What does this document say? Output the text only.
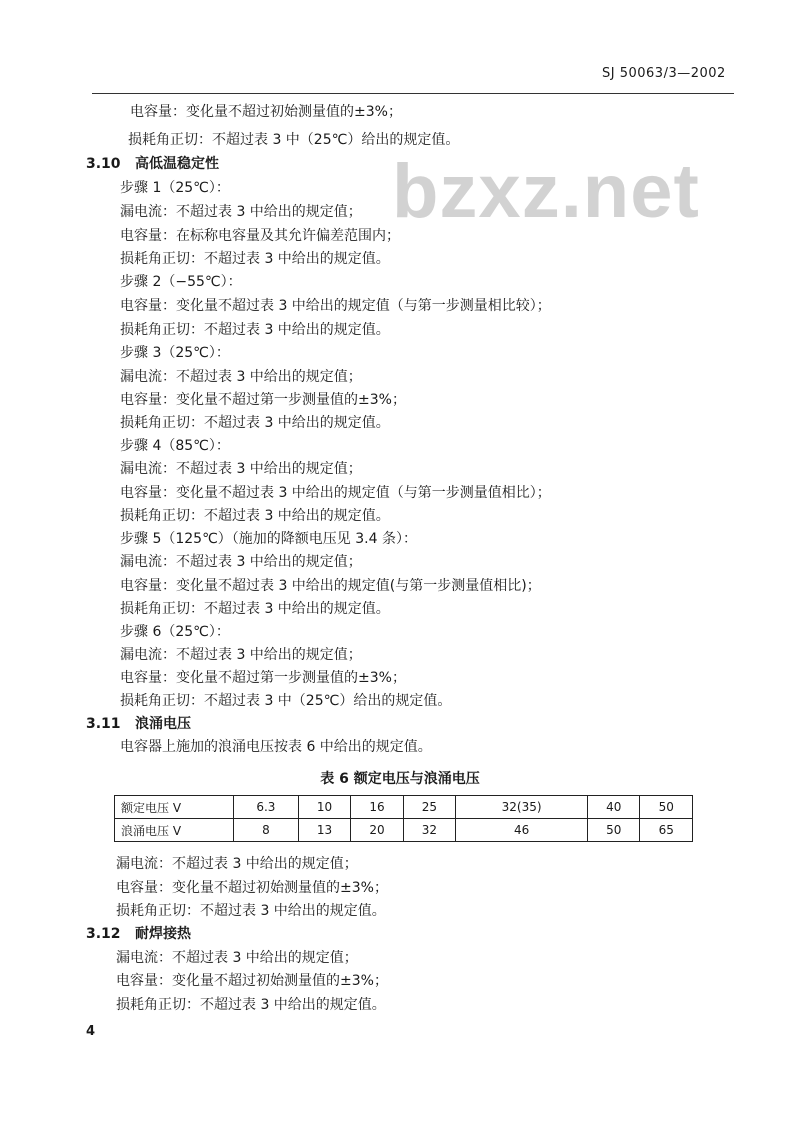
bzxz.net
SJ 50063/3—2002
电容量：变化量不超过初始测量值的±3%；
损耗角正切：不超过表 3 中（25℃）给出的规定值。
3.10 高低温稳定性
步骤 1（25℃）：
漏电流：不超过表 3 中给出的规定值；
电容量：在标称电容量及其允许偏差范围内；
损耗角正切：不超过表 3 中给出的规定值。
步骤 2（−55℃）：
电容量：变化量不超过表 3 中给出的规定值（与第一步测量相比较）；
损耗角正切：不超过表 3 中给出的规定值。
步骤 3（25℃）：
漏电流：不超过表 3 中给出的规定值；
电容量：变化量不超过第一步测量值的±3%；
损耗角正切：不超过表 3 中给出的规定值。
步骤 4（85℃）：
漏电流：不超过表 3 中给出的规定值；
电容量：变化量不超过表 3 中给出的规定值（与第一步测量值相比）；
损耗角正切：不超过表 3 中给出的规定值。
步骤 5（125℃）（施加的降额电压见 3.4 条）：
漏电流：不超过表 3 中给出的规定值；
电容量：变化量不超过表 3 中给出的规定值(与第一步测量值相比)；
损耗角正切：不超过表 3 中给出的规定值。
步骤 6（25℃）：
漏电流：不超过表 3 中给出的规定值；
电容量：变化量不超过第一步测量值的±3%；
损耗角正切：不超过表 3 中（25℃）给出的规定值。
3.11 浪涌电压
电容器上施加的浪涌电压按表 6 中给出的规定值。
表 6 额定电压与浪涌电压
额定电压 V	6.3	10	16	25	32(35)	40	50
浪涌电压 V	8	13	20	32	46	50	65
漏电流：不超过表 3 中给出的规定值；
电容量：变化量不超过初始测量值的±3%；
损耗角正切：不超过表 3 中给出的规定值。
3.12 耐焊接热
漏电流：不超过表 3 中给出的规定值；
电容量：变化量不超过初始测量值的±3%；
损耗角正切：不超过表 3 中给出的规定值。
4
